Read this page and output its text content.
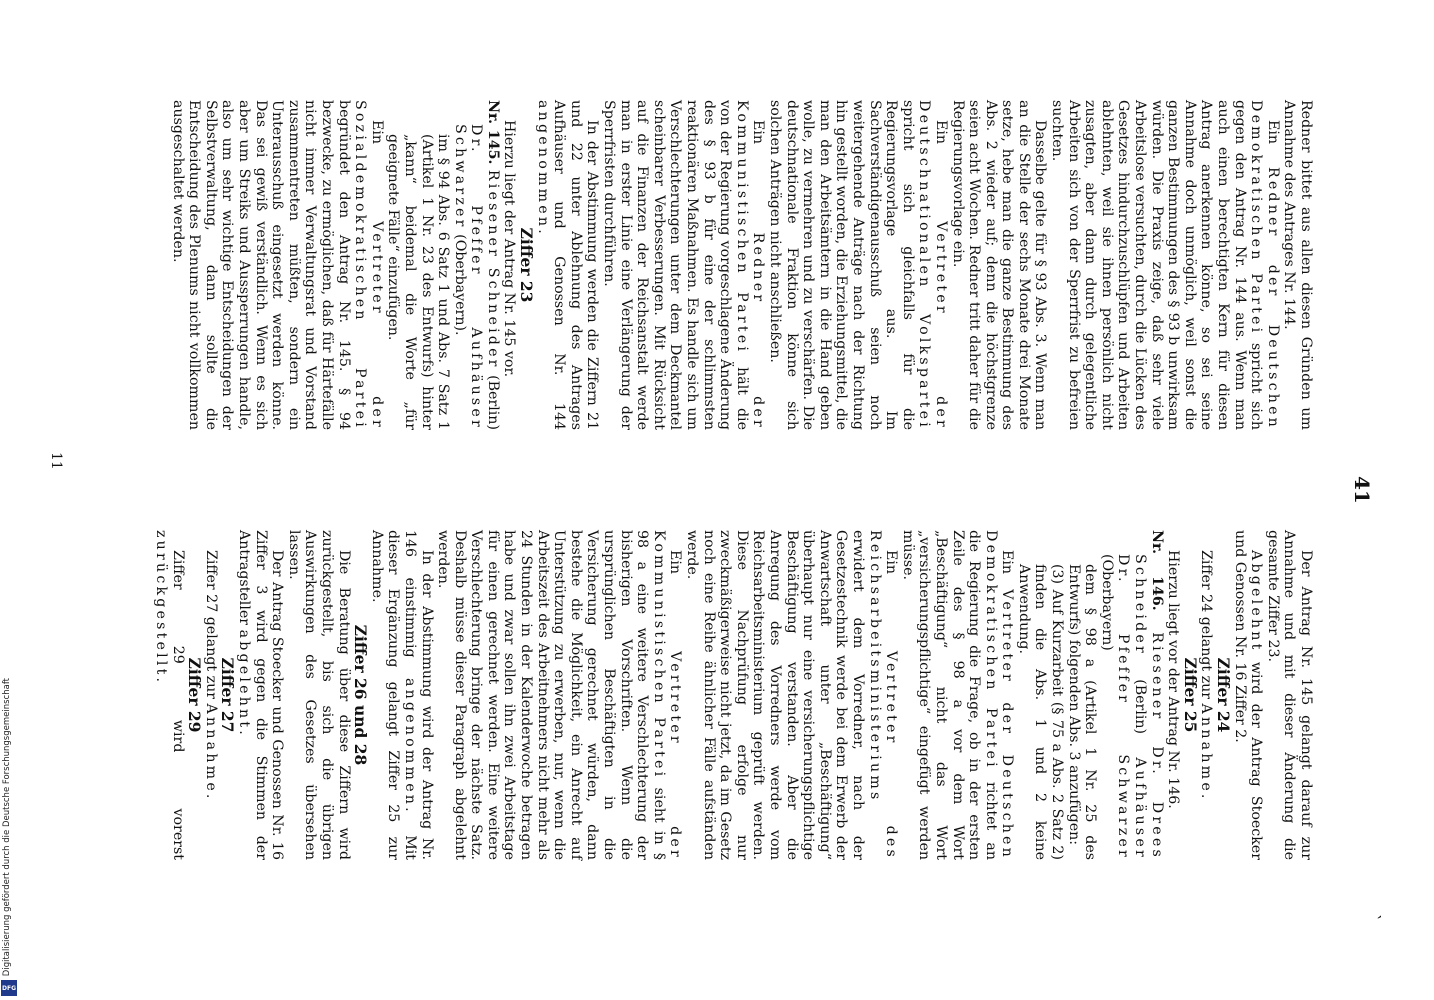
‵
41

Redner bittet aus allen diesen Gründen um Annahme des Antrages Nr. 144.

Ein Redner der Deutschen Demokratischen Partei spricht sich gegen den Antrag Nr. 144 aus. Wenn man auch einen berechtigten Kern für diesen Antrag anerkennen könne, so sei seine Annahme doch unmöglich, weil sonst die ganzen Bestimmungen des § 93 b unwirksam würden. Die Praxis zeige, daß sehr viele Arbeitslose versuchten, durch die Lücken des Gesetzes hindurchzuschlüpfen und Arbeiten ablehnten, weil sie ihnen persönlich nicht zusagten, aber dann durch gelegentliche Arbeiten sich von der Sperrfrist zu befreien suchten.

Dasselbe gelte für § 93 Abs. 3. Wenn man an die Stelle der sechs Monate drei Monate setze, hebe man die ganze Bestimmung des Abs. 2 wieder auf; denn die höchstgrenze seien acht Wochen. Redner tritt daher für die Regierungsvorlage ein.

Ein Vertreter der Deutschnationalen Volkspartei spricht sich gleichfalls für die Regierungsvorlage aus. Im Sachverständigenausschuß seien noch weitergehende Anträge nach der Richtung hin gestellt worden, die Erziehungsmittel, die man den Arbeitsämtern in die Hand geben wolle, zu vermehren und zu verschärfen. Die deutschnationale Fraktion könne sich solchen Anträgen nicht anschließen.

Ein Redner der Kommunistischen Partei hält die von der Regierung vorgeschlagene Änderung des § 93 b für eine der schlimmsten reaktionären Maßnahmen. Es handle sich um Verschlechterungen unter dem Deckmantel scheinbarer Verbesserungen. Mit Rücksicht auf die Finanzen der Reichsanstalt werde man in erster Linie eine Verlängerung der Sperrfristen durchführen.

In der Abstimmung werden die Ziffern 21 und 22 unter Ablehnung des Antrages Aufhäuser und Genossen Nr. 144 angenommen.

Ziffer 23

Hierzu liegt der Antrag Nr. 145 vor.

Nr. 145. Riesener Schneider (Berlin) Dr. Pfeffer Aufhäuser Schwarzer (Oberbayern).

im § 94 Abs. 6 Satz 1 und Abs. 7 Satz 1 (Artikel 1 Nr. 23 des Entwurfs) hinter „kann“ beidemal die Worte „für geeignete Fälle“ einzufügen.

Ein Vertreter der Sozialdemokratischen Partei begründet den Antrag Nr. 145. § 94 bezwecke, zu ermöglichen, daß für Härtefälle nicht immer Verwaltungsrat und Vorstand zusammentreten müßten, sondern ein Unterausschuß eingesetzt werden könne. Das sei gewiß verständlich. Wenn es sich aber um Streiks und Aussperrungen handle, also um sehr wichtige Entscheidungen der Selbstverwaltung, dann sollte die Entscheidung des Plenums nicht vollkommen ausgeschaltet werden.

Der Antrag Nr. 145 gelangt darauf zur Annahme und mit dieser Änderung die gesamte Ziffer 23.

Abgelehnt wird der Antrag Stoecker und Genossen Nr. 16 Ziffer 2.

Ziffer 24

Ziffer 24 gelangt zur Annahme.

Ziffer 25

Hierzu liegt vor der Antrag Nr. 146.

Nr. 146. Riesener Dr. Drees Schneider (Berlin) Aufhäuser Dr. Pfeffer Schwarzer (Oberbayern)

dem § 98 a (Artikel 1 Nr. 25 des Entwurfs) folgenden Abs. 3 anzufügen:

(3) Auf Kurzarbeit (§ 75 a Abs. 2 Satz 2) finden die Abs. 1 und 2 keine Anwendung.

Ein Vertreter der Deutschen Demokratischen Partei richtet an die Regierung die Frage, ob in der ersten Zeile des § 98 a vor dem Wort „Beschäftigung“ nicht das Wort „versicherungspflichtige“ eingefügt werden müsse.

Ein Vertreter des Reichsarbeitsministeriums erwidert dem Vorredner, nach der Gesetzestechnik werde bei dem Erwerb der Anwartschaft unter „Beschäftigung“ überhaupt nur eine versicherungspflichtige Beschäftigung verstanden. Aber die Anregung des Vorredners werde vom Reichsarbeitsministerium geprüft werden. Diese Nachprüfung erfolge nur zweckmäßigerweise nicht jetzt, da im Gesetz noch eine Reihe ähnlicher Fälle aufständen werde.

Ein Vertreter der Kommunistischen Partei sieht in § 98 a eine weitere Verschlechterung der bisherigen Vorschriften. Wenn die ursprünglichen Beschäftigten in die Versicherung gerechnet würden, dann bestehe die Möglichkeit, ein Anrecht auf Unterstützung zu erwerben, nur, wenn die Arbeitszeit des Arbeitnehmers nicht mehr als 24 Stunden in der Kalenderwoche betragen habe und zwar sollen ihn zwei Arbeitstage für einen gerechnet werden. Eine weitere Verschlechterung bringe der nächste Satz. Deshalb müsse dieser Paragraph abgelehnt werden.

In der Abstimmung wird der Antrag Nr. 146 einstimmig angenommen. Mit dieser Ergänzung gelangt Ziffer 25 zur Annahme.

Ziffer 26 und 28

Die Beratung über diese Ziffern wird zurückgestellt, bis sich die übrigen Auswirkungen des Gesetzes übersehen lassen.

Der Antrag Stoecker und Genossen Nr. 16 Ziffer 3 wird gegen die Stimmen der Antragsteller abgelehnt.

Ziffer 27

Ziffer 27 gelangt zur Annahme.

Ziffer 29

Ziffer 29 wird vorerst zurückgestellt.

11
Digitalisierung gefördert durch die Deutsche Forschungsgemeinschaft
DFG
